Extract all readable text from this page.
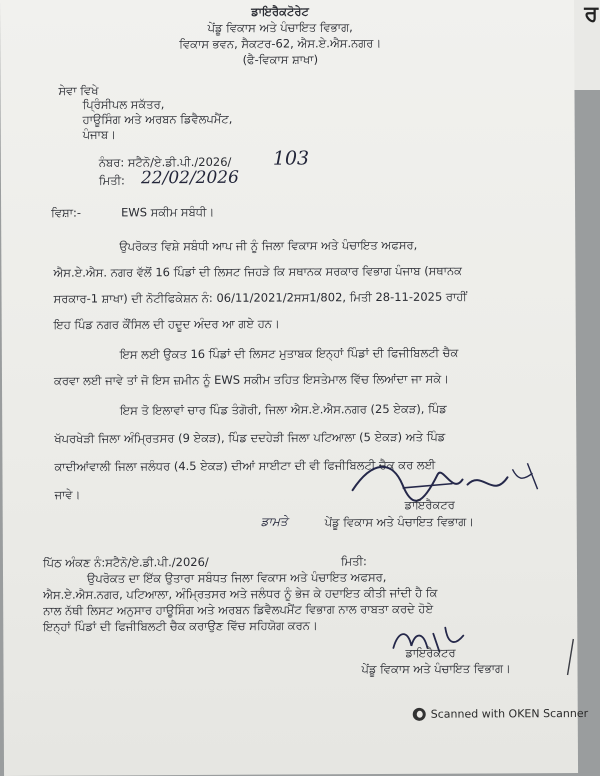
ਰ
ਡਾਇਰੈਕਟੋਰੇਟ
ਪੇਂਡੂ ਵਿਕਾਸ ਅਤੇ ਪੰਚਾਇਤ ਵਿਭਾਗ,
ਵਿਕਾਸ ਭਵਨ, ਸੈਕਟਰ-62, ਐਸ.ਏ.ਐਸ.ਨਗਰ।
(ਫੈ-ਵਿਕਾਸ ਸ਼ਾਖਾ)
ਸੇਵਾ ਵਿਖੇ
ਪ੍ਰਿੰਸੀਪਲ ਸਕੱਤਰ,
ਹਾਊਸਿੰਗ ਅਤੇ ਅਰਬਨ ਡਿਵੈਲਪਮੈਂਟ,
ਪੰਜਾਬ।
ਨੰਬਰ: ਸਟੈਨੋ/ਏ.ਡੀ.ਪੀ./2026/ 103
ਮਿਤੀ: 22/02/2026
ਵਿਸ਼ਾ:-	EWS ਸਕੀਮ ਸਬੰਧੀ।
ਉਪਰੋਕਤ ਵਿਸ਼ੇ ਸਬੰਧੀ ਆਪ ਜੀ ਨੂੰ ਜਿਲਾ ਵਿਕਾਸ ਅਤੇ ਪੰਚਾਇਤ ਅਫਸਰ,
ਐਸ.ਏ.ਐਸ. ਨਗਰ ਵੱਲੋਂ 16 ਪਿੰਡਾਂ ਦੀ ਲਿਸਟ ਜਿਹੜੇ ਕਿ ਸਥਾਨਕ ਸਰਕਾਰ ਵਿਭਾਗ ਪੰਜਾਬ (ਸਥਾਨਕ
ਸਰਕਾਰ-1 ਸ਼ਾਖਾ) ਦੀ ਨੋਟੀਫਿਕੇਸ਼ਨ ਨੰ: 06/11/2021/2ਸਸ1/802, ਮਿਤੀ 28-11-2025 ਰਾਹੀਂ
ਇਹ ਪਿੰਡ ਨਗਰ ਕੌਂਸਿਲ ਦੀ ਹਦੂਦ ਅੰਦਰ ਆ ਗਏ ਹਨ।
ਇਸ ਲਈ ਉਕਤ 16 ਪਿੰਡਾਂ ਦੀ ਲਿਸਟ ਮੁਤਾਬਕ ਇਨ੍ਹਾਂ ਪਿੰਡਾਂ ਦੀ ਫਿਜੀਬਿਲਟੀ ਚੈਕ
ਕਰਵਾ ਲਈ ਜਾਵੇ ਤਾਂ ਜੋ ਇਸ ਜ਼ਮੀਨ ਨੂੰ EWS ਸਕੀਮ ਤਹਿਤ ਇਸਤੇਮਾਲ ਵਿੱਚ ਲਿਆਂਦਾ ਜਾ ਸਕੇ।
ਇਸ ਤੋ ਇਲਾਵਾਂ ਚਾਰ ਪਿੰਡ ਤੰਗੋਰੀ, ਜਿਲਾ ਐਸ.ਏ.ਐਸ.ਨਗਰ (25 ਏਕੜ), ਪਿੰਡ
ਖੱਪਰਖੇੜੀ ਜਿਲਾ ਅੰਮ੍ਰਿਤਸਰ (9 ਏਕੜ), ਪਿੰਡ ਦਦਹੇੜੀ ਜਿਲਾ ਪਟਿਆਲਾ (5 ਏਕੜ) ਅਤੇ ਪਿੰਡ
ਕਾਦੀਆਂਵਾਲੀ ਜਿਲਾ ਜਲੰਧਰ (4.5 ਏਕੜ) ਦੀਆਂ ਸਾਈਟਾ ਦੀ ਵੀ ਫਿਜੀਬਿਲਟੀ ਚੈਕ ਕਰ ਲਈ
ਜਾਵੇ।
ਡਾਇਰੈਕਟਰ
ਡਾਮਤੇ	ਪੇਂਡੂ ਵਿਕਾਸ ਅਤੇ ਪੰਚਾਇਤ ਵਿਭਾਗ।
ਪਿੱਠ ਅੰਕਣ ਨੰ:ਸਟੈਨੋ/ਏ.ਡੀ.ਪੀ./2026/	ਮਿਤੀ:
ਉਪਰੋਕਤ ਦਾ ਇੱਕ ਉਤਾਰਾ ਸਬੰਧਤ ਜਿਲਾ ਵਿਕਾਸ ਅਤੇ ਪੰਚਾਇਤ ਅਫਸਰ,
ਐਸ.ਏ.ਐਸ.ਨਗਰ, ਪਟਿਆਲਾ, ਅੰਮ੍ਰਿਤਸਰ ਅਤੇ ਜਲੰਧਰ ਨੂੰ ਭੇਜ ਕੇ ਹਦਾਇਤ ਕੀਤੀ ਜਾਂਦੀ ਹੈ ਕਿ
ਨਾਲ ਨੱਥੀ ਲਿਸਟ ਅਨੁਸਾਰ ਹਾਊਸਿੰਗ ਅਤੇ ਅਰਬਨ ਡਿਵੈਲਪਮੈਂਟ ਵਿਭਾਗ ਨਾਲ ਰਾਬਤਾ ਕਰਦੇ ਹੋਏ
ਇਨ੍ਹਾਂ ਪਿੰਡਾਂ ਦੀ ਫਿਜੀਬਿਲਟੀ ਚੈਕ ਕਰਾਉਣ ਵਿੱਚ ਸਹਿਯੋਗ ਕਰਨ।
ਡਾਇਰੈਕਟਰ
ਪੇਂਡੂ ਵਿਕਾਸ ਅਤੇ ਪੰਚਾਇਤ ਵਿਭਾਗ।
Scanned with OKEN Scanner
